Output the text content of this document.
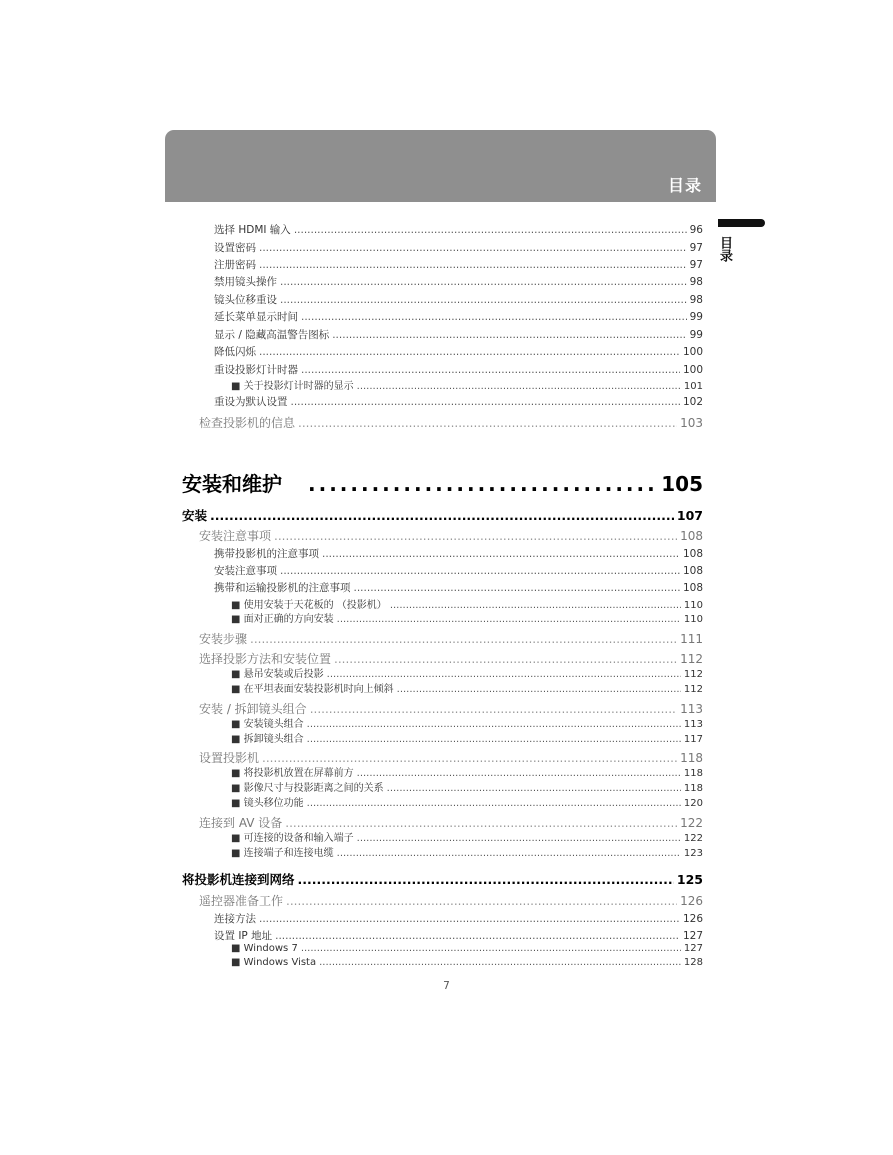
目录
目录
选择 HDMI 输入 .....	96
设置密码 .....	97
注册密码 .....	97
禁用镜头操作 .....	98
镜头位移重设 .....	98
延长菜单显示时间 .....	99
显示 / 隐藏高温警告图标 .....	99
降低闪烁 .....	100
重设投影灯计时器 .....	100
■ 关于投影灯计时器的显示 .....	101
重设为默认设置 .....	102
检查投影机的信息 .....	103
安装和维护 .....	105
安装 .....	107
安装注意事项 .....	108
携带投影机的注意事项 .....	108
安装注意事项 .....	108
携带和运输投影机的注意事项 .....	108
■ 使用安装于天花板的 （投影机） .....	110
■ 面对正确的方向安装 .....	110
安装步骤 .....	111
选择投影方法和安装位置 .....	112
■ 悬吊安装或后投影 .....	112
■ 在平坦表面安装投影机时向上倾斜 .....	112
安装 / 拆卸镜头组合 .....	113
■ 安装镜头组合 .....	113
■ 拆卸镜头组合 .....	117
设置投影机 .....	118
■ 将投影机放置在屏幕前方 .....	118
■ 影像尺寸与投影距离之间的关系 .....	118
■ 镜头移位功能 .....	120
连接到 AV 设备 .....	122
■ 可连接的设备和输入端子 .....	122
■ 连接端子和连接电缆 .....	123
将投影机连接到网络 .....	125
遥控器准备工作 .....	126
连接方法 .....	126
设置 IP 地址 .....	127
■ Windows 7 .....	127
■ Windows Vista .....	128
7
